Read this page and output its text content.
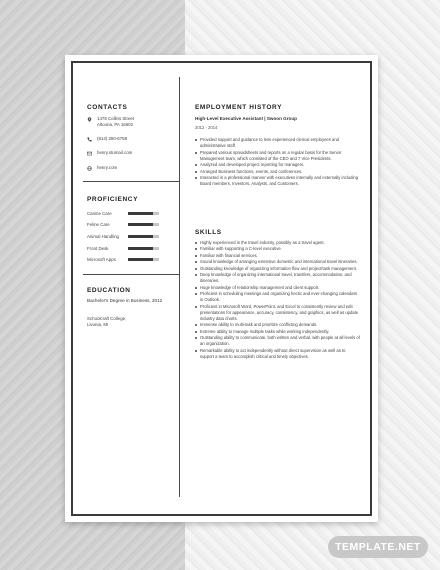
CONTACTS
1478 Collins Street
Altoona, PA 16602
(814) 250-6758
henry.stumail.com
henry.com
PROFICIENCY
Canine Care
Feline Care
Animal Handling
Front Desk
Microsoft Apps
EDUCATION
Bachelor's Degree in Business, 2012
Schoolcraft College,
Livonia, MI
EMPLOYMENT HISTORY
High-Level Executive Assistant | Swoon Group
2012 - 2014
Provided support and guidance to less experienced clerical employees and administrative staff.
Prepared various spreadsheets and reports on a regular basis for the Senior Management team, which consisted of the CEO and 7 Vice Presidents.
Analyzed and developed project reporting for managers.
Arranged Business functions, events, and conferences.
Interacted in a professional manner with executives internally and externally including Board members, Investors, Analysts, and Customers.
SKILLS
Highly experienced in the travel industry, possibly as a travel agent.
Familiar with supporting a C-level executive.
Familiar with financial services.
Sound knowledge of arranging extensive domestic and international travel itineraries.
Outstanding knowledge of organizing information flow and project/task management.
Deep knowledge of organizing international travel, transfers, accommodation, and itineraries.
Huge knowledge of relationship management and client support.
Proficient in scheduling meetings and organizing hectic and ever-changing calendars in Outlook.
Proficient in Microsoft Word, PowerPoint, and Excel to consistently review and edit presentations for appearance, accuracy, consistency, and graphics, as well as update industry data charts.
Immense ability to multi-task and prioritize conflicting demands.
Extreme ability to manage multiple tasks while working independently.
Outstanding ability to communicate, both written and verbal, with people at all levels of an organization.
Remarkable ability to act independently without direct supervision as well as to support a team to accomplish critical and timely objectives.
TEMPLATE.NET
